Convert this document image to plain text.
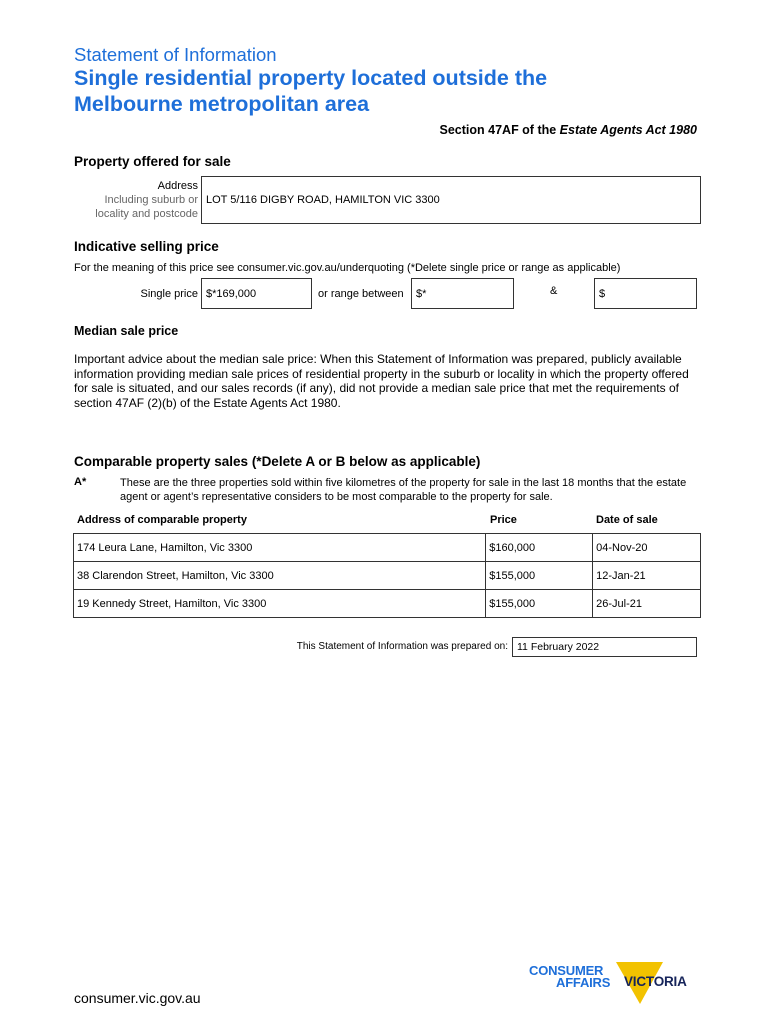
Statement of Information
Single residential property located outside the
Melbourne metropolitan area
Section 47AF of the Estate Agents Act 1980
Property offered for sale
Address
Including suburb or
locality and postcode
LOT 5/116 DIGBY ROAD, HAMILTON VIC 3300
Indicative selling price
For the meaning of this price see consumer.vic.gov.au/underquoting (*Delete single price or range as applicable)
Single price $*169,000	or range between	$*	&	$
Median sale price
Important advice about the median sale price: When this Statement of Information was prepared, publicly available information providing median sale prices of residential property in the suburb or locality in which the property offered for sale is situated, and our sales records (if any), did not provide a median sale price that met the requirements of section 47AF (2)(b) of the Estate Agents Act 1980.
Comparable property sales (*Delete A or B below as applicable)
A*	These are the three properties sold within five kilometres of the property for sale in the last 18 months that the estate agent or agent’s representative considers to be most comparable to the property for sale.
Address of comparable property	Price	Date of sale
174 Leura Lane, Hamilton, Vic 3300	$160,000	04-Nov-20
38 Clarendon Street, Hamilton, Vic 3300	$155,000	12-Jan-21
19 Kennedy Street, Hamilton, Vic 3300	$155,000	26-Jul-21
This Statement of Information was prepared on: 11 February 2022
consumer.vic.gov.au
CONSUMER
AFFAIRS VICTORIA
